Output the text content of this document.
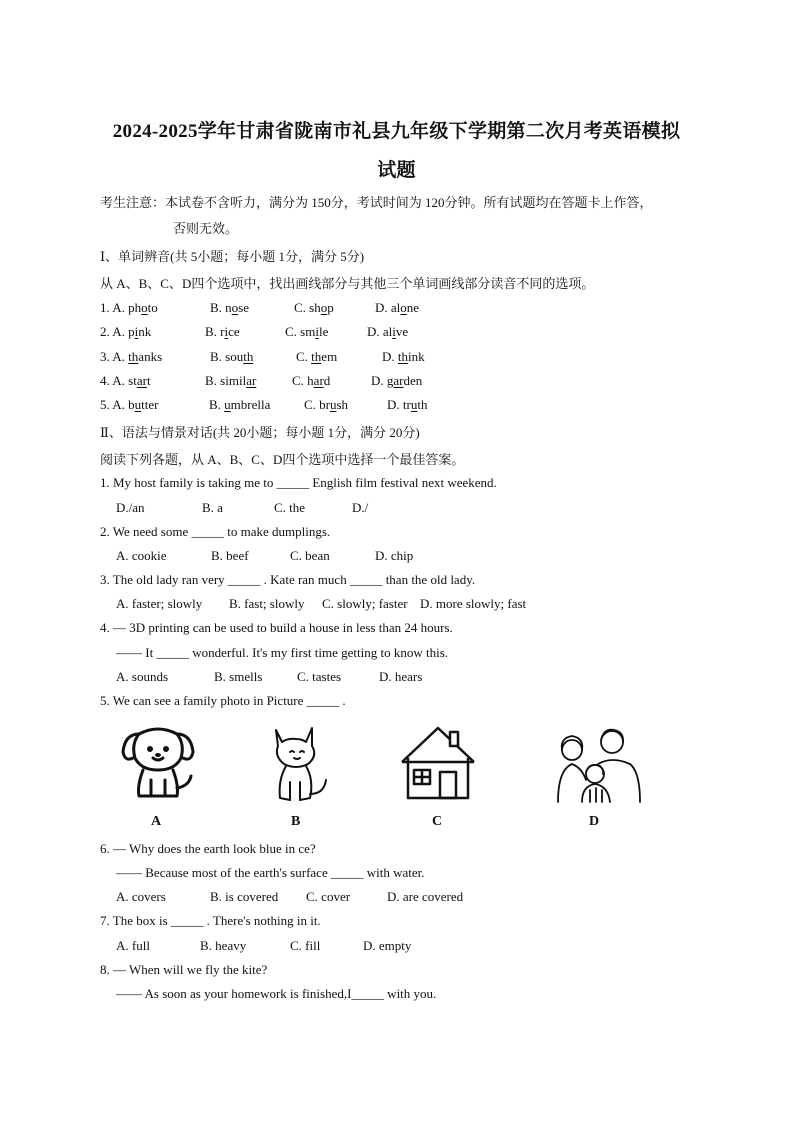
2024-2025学年甘肃省陇南市礼县九年级下学期第二次月考英语模拟
试题
考生注意：本试卷不含听力，满分为 150分，考试时间为 120分钟。所有试题均在答题卡上作答，
否则无效。
Ⅰ、单词辨音(共 5小题；每小题 1分，满分 5分)
从 A、B、C、D四个选项中，找出画线部分与其他三个单词画线部分读音不同的选项。
1. A. photo	B. nose	C. shop	D. alone
2. A. pink	B. rice	C. smile	D. alive
3. A. thanks	B. south	C. them	D. think
4. A. start	B. similar	C. hard	D. garden
5. A. butter	B. umbrella	C. brush	D. truth
Ⅱ、语法与情景对话(共 20小题；每小题 1分，满分 20分)
阅读下列各题，从 A、B、C、D四个选项中选择一个最佳答案。
1. My host family is taking me to _____ English film festival next weekend.
D./an	B. a	C. the	D./
2. We need some _____ to make dumplings.
A. cookie	B. beef	C. bean	D. chip
3. The old lady ran very _____ . Kate ran much _____ than the old lady.
A. faster; slowly B. fast; slowly C. slowly; faster D. more slowly; fast
4. — 3D printing can be used to build a house in less than 24 hours.
—— It _____ wonderful. It's my first time getting to know this.
A. sounds	B. smells	C. tastes	D. hears
5. We can see a family photo in Picture _____ .
A	B	C	D
6. — Why does the earth look blue in ce?
—— Because most of the earth's surface _____ with water.
A. covers	B. is covered C. cover	D. are covered
7. The box is _____ . There's nothing in it.
A. full	B. heavy	C. fill	D. empty
8. — When will we fly the kite?
—— As soon as your homework is finished,I_____ with you.
